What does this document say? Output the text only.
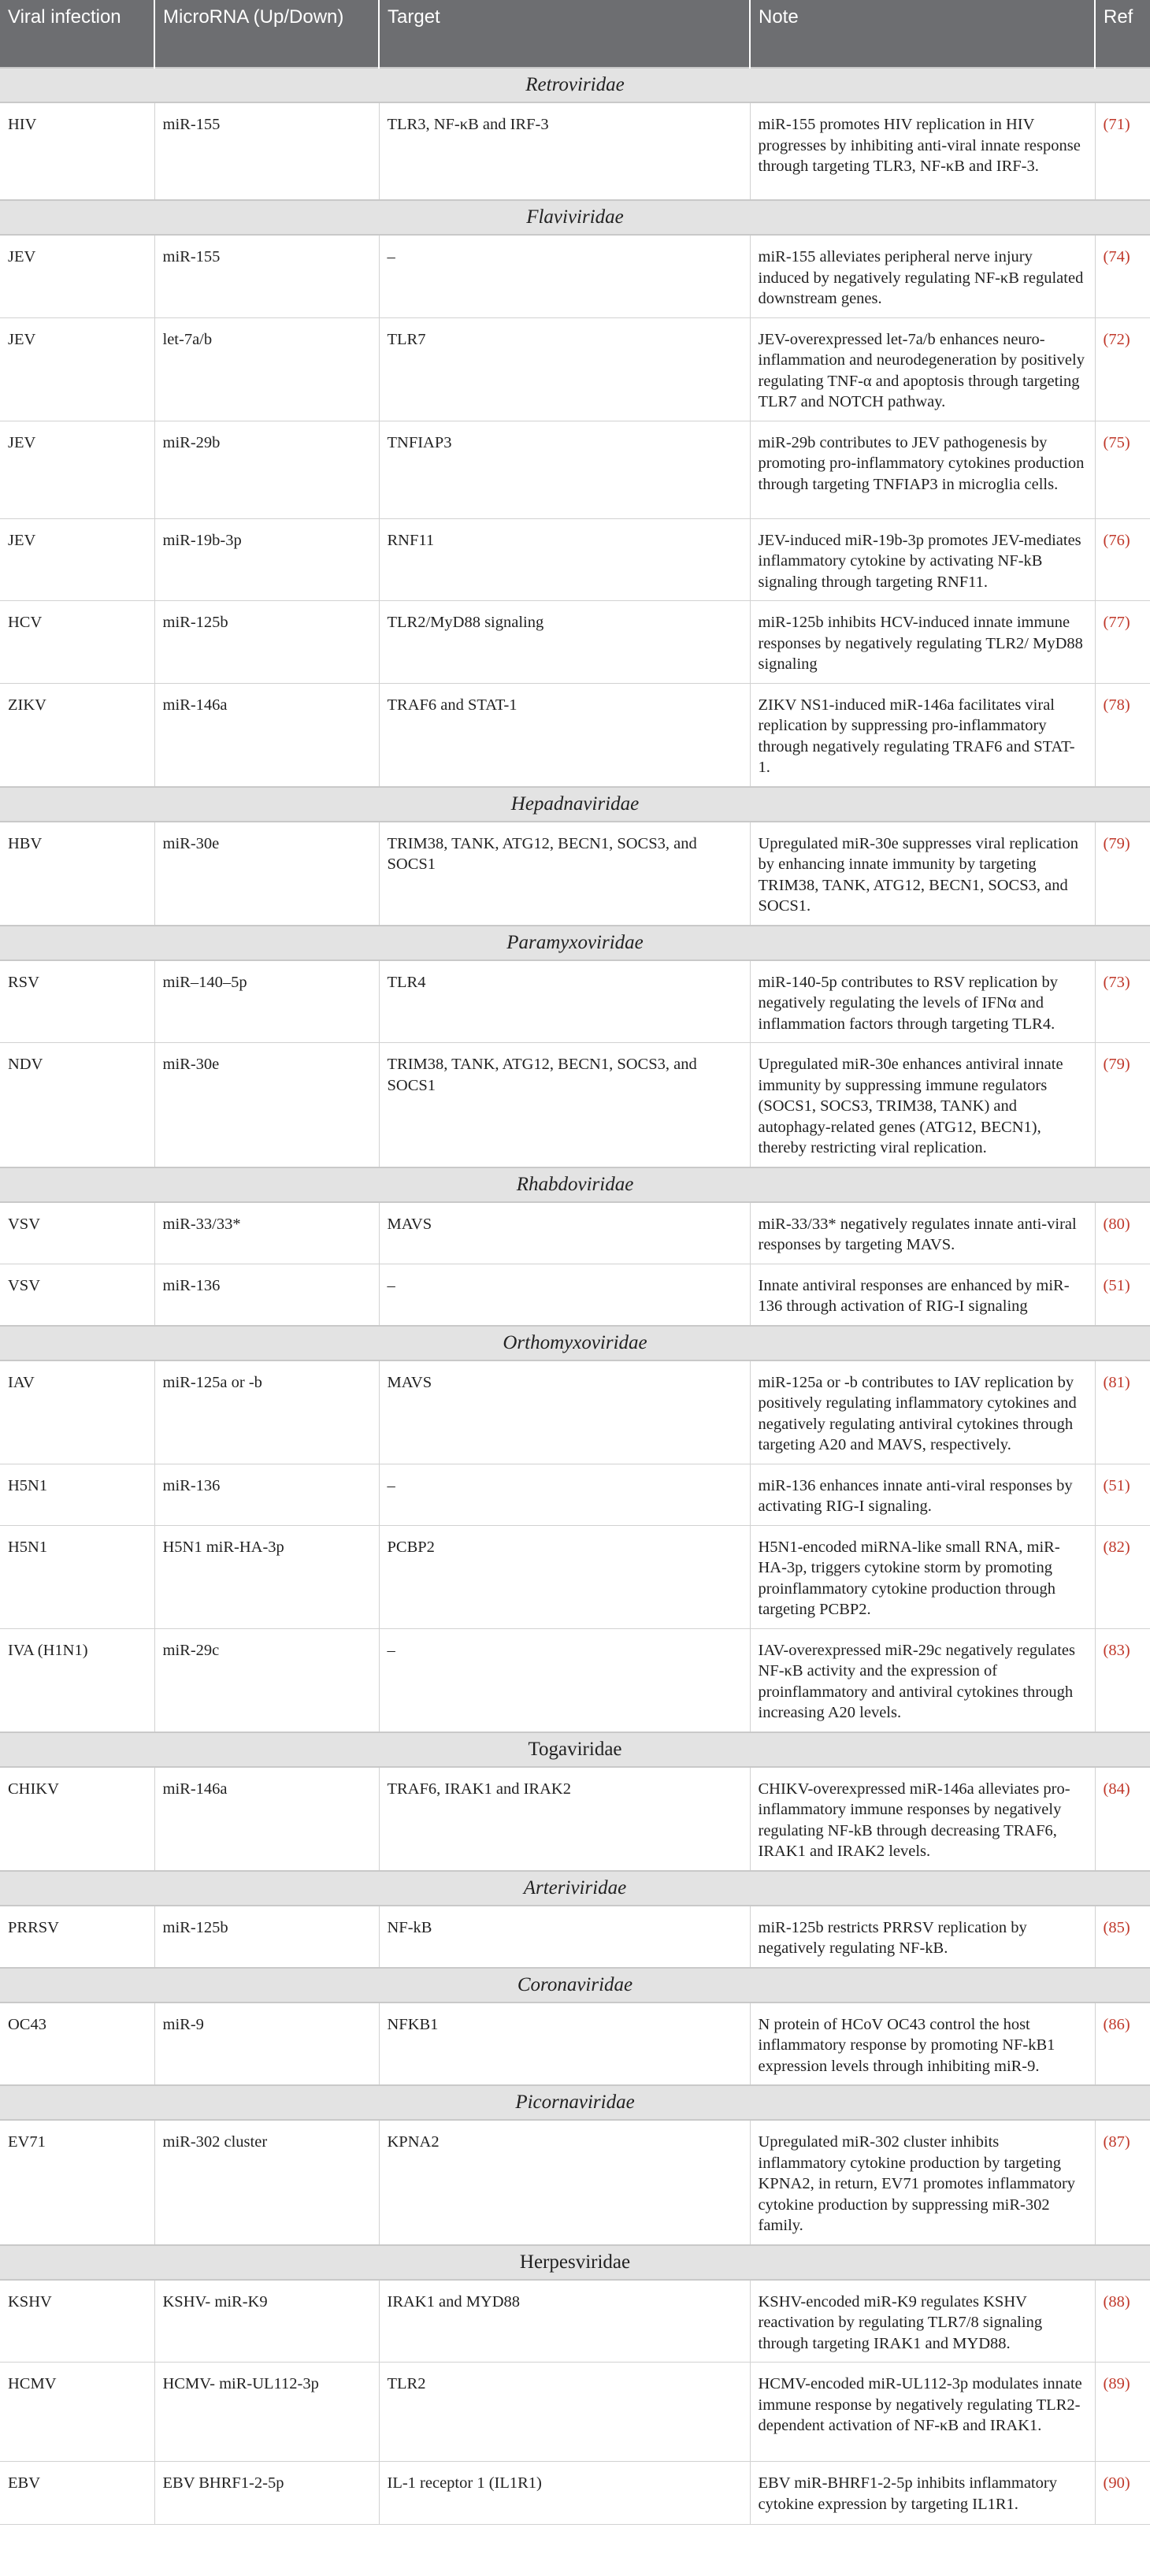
Viral infection	MicroRNA (Up/Down)	Target	Note	Ref
Retroviridae				
HIV	miR-155	TLR3, NF-κB and IRF-3	miR-155 promotes HIV replication in HIV progresses by inhibiting anti-viral innate response through targeting TLR3, NF-κB and IRF-3.	(71)
Flaviviridae				
JEV	miR-155	–	miR-155 alleviates peripheral nerve injury induced by negatively regulating NF-κB regulated downstream genes.	(74)
JEV	let-7a/b	TLR7	JEV-overexpressed let-7a/b enhances neuro-inflammation and neurodegeneration by positively regulating TNF-α and apoptosis through targeting TLR7 and NOTCH pathway.	(72)
JEV	miR-29b	TNFIAP3	miR-29b contributes to JEV pathogenesis by promoting pro-inflammatory cytokines production through targeting TNFIAP3 in microglia cells.	(75)
JEV	miR-19b-3p	RNF11	JEV-induced miR-19b-3p promotes JEV-mediates inflammatory cytokine by activating NF-kB signaling through targeting RNF11.	(76)
HCV	miR-125b	TLR2/MyD88 signaling	miR-125b inhibits HCV-induced innate immune responses by negatively regulating TLR2/ MyD88 signaling	(77)
ZIKV	miR-146a	TRAF6 and STAT-1	ZIKV NS1-induced miR-146a facilitates viral replication by suppressing pro-inflammatory through negatively regulating TRAF6 and STAT-1.	(78)
Hepadnaviridae				
HBV	miR-30e	TRIM38, TANK, ATG12, BECN1, SOCS3, and SOCS1	Upregulated miR-30e suppresses viral replication by enhancing innate immunity by targeting TRIM38, TANK, ATG12, BECN1, SOCS3, and SOCS1.	(79)
Paramyxoviridae				
RSV	miR–140–5p	TLR4	miR-140-5p contributes to RSV replication by negatively regulating the levels of IFNα and inflammation factors through targeting TLR4.	(73)
NDV	miR-30e	TRIM38, TANK, ATG12, BECN1, SOCS3, and SOCS1	Upregulated miR-30e enhances antiviral innate immunity by suppressing immune regulators (SOCS1, SOCS3, TRIM38, TANK) and autophagy-related genes (ATG12, BECN1), thereby restricting viral replication.	(79)
Rhabdoviridae				
VSV	miR-33/33*	MAVS	miR-33/33* negatively regulates innate anti-viral responses by targeting MAVS.	(80)
VSV	miR-136	–	Innate antiviral responses are enhanced by miR-136 through activation of RIG-I signaling	(51)
Orthomyxoviridae				
IAV	miR-125a or -b	MAVS	miR-125a or -b contributes to IAV replication by positively regulating inflammatory cytokines and negatively regulating antiviral cytokines through targeting A20 and MAVS, respectively.	(81)
H5N1	miR-136	–	miR-136 enhances innate anti-viral responses by activating RIG-I signaling.	(51)
H5N1	H5N1 miR-HA-3p	PCBP2	H5N1-encoded miRNA-like small RNA, miR-HA-3p, triggers cytokine storm by promoting proinflammatory cytokine production through targeting PCBP2.	(82)
IVA (H1N1)	miR-29c	–	IAV-overexpressed miR-29c negatively regulates NF-κB activity and the expression of proinflammatory and antiviral cytokines through increasing A20 levels.	(83)
Togaviridae				
CHIKV	miR-146a	TRAF6, IRAK1 and IRAK2	CHIKV-overexpressed miR-146a alleviates pro-inflammatory immune responses by negatively regulating NF-kB through decreasing TRAF6, IRAK1 and IRAK2 levels.	(84)
Arteriviridae				
PRRSV	miR-125b	NF-kB	miR-125b restricts PRRSV replication by negatively regulating NF-kB.	(85)
Coronaviridae				
OC43	miR-9	NFKB1	N protein of HCoV OC43 control the host inflammatory response by promoting NF-kB1 expression levels through inhibiting miR-9.	(86)
Picornaviridae				
EV71	miR-302 cluster	KPNA2	Upregulated miR-302 cluster inhibits inflammatory cytokine production by targeting KPNA2, in return, EV71 promotes inflammatory cytokine production by suppressing miR-302 family.	(87)
Herpesviridae				
KSHV	KSHV- miR-K9	IRAK1 and MYD88	KSHV-encoded miR-K9 regulates KSHV reactivation by regulating TLR7/8 signaling through targeting IRAK1 and MYD88.	(88)
HCMV	HCMV- miR-UL112-3p	TLR2	HCMV-encoded miR-UL112-3p modulates innate immune response by negatively regulating TLR2-dependent activation of NF-κB and IRAK1.	(89)
EBV	EBV BHRF1-2-5p	IL-1 receptor 1 (IL1R1)	EBV miR-BHRF1-2-5p inhibits inflammatory cytokine expression by targeting IL1R1.	(90)
